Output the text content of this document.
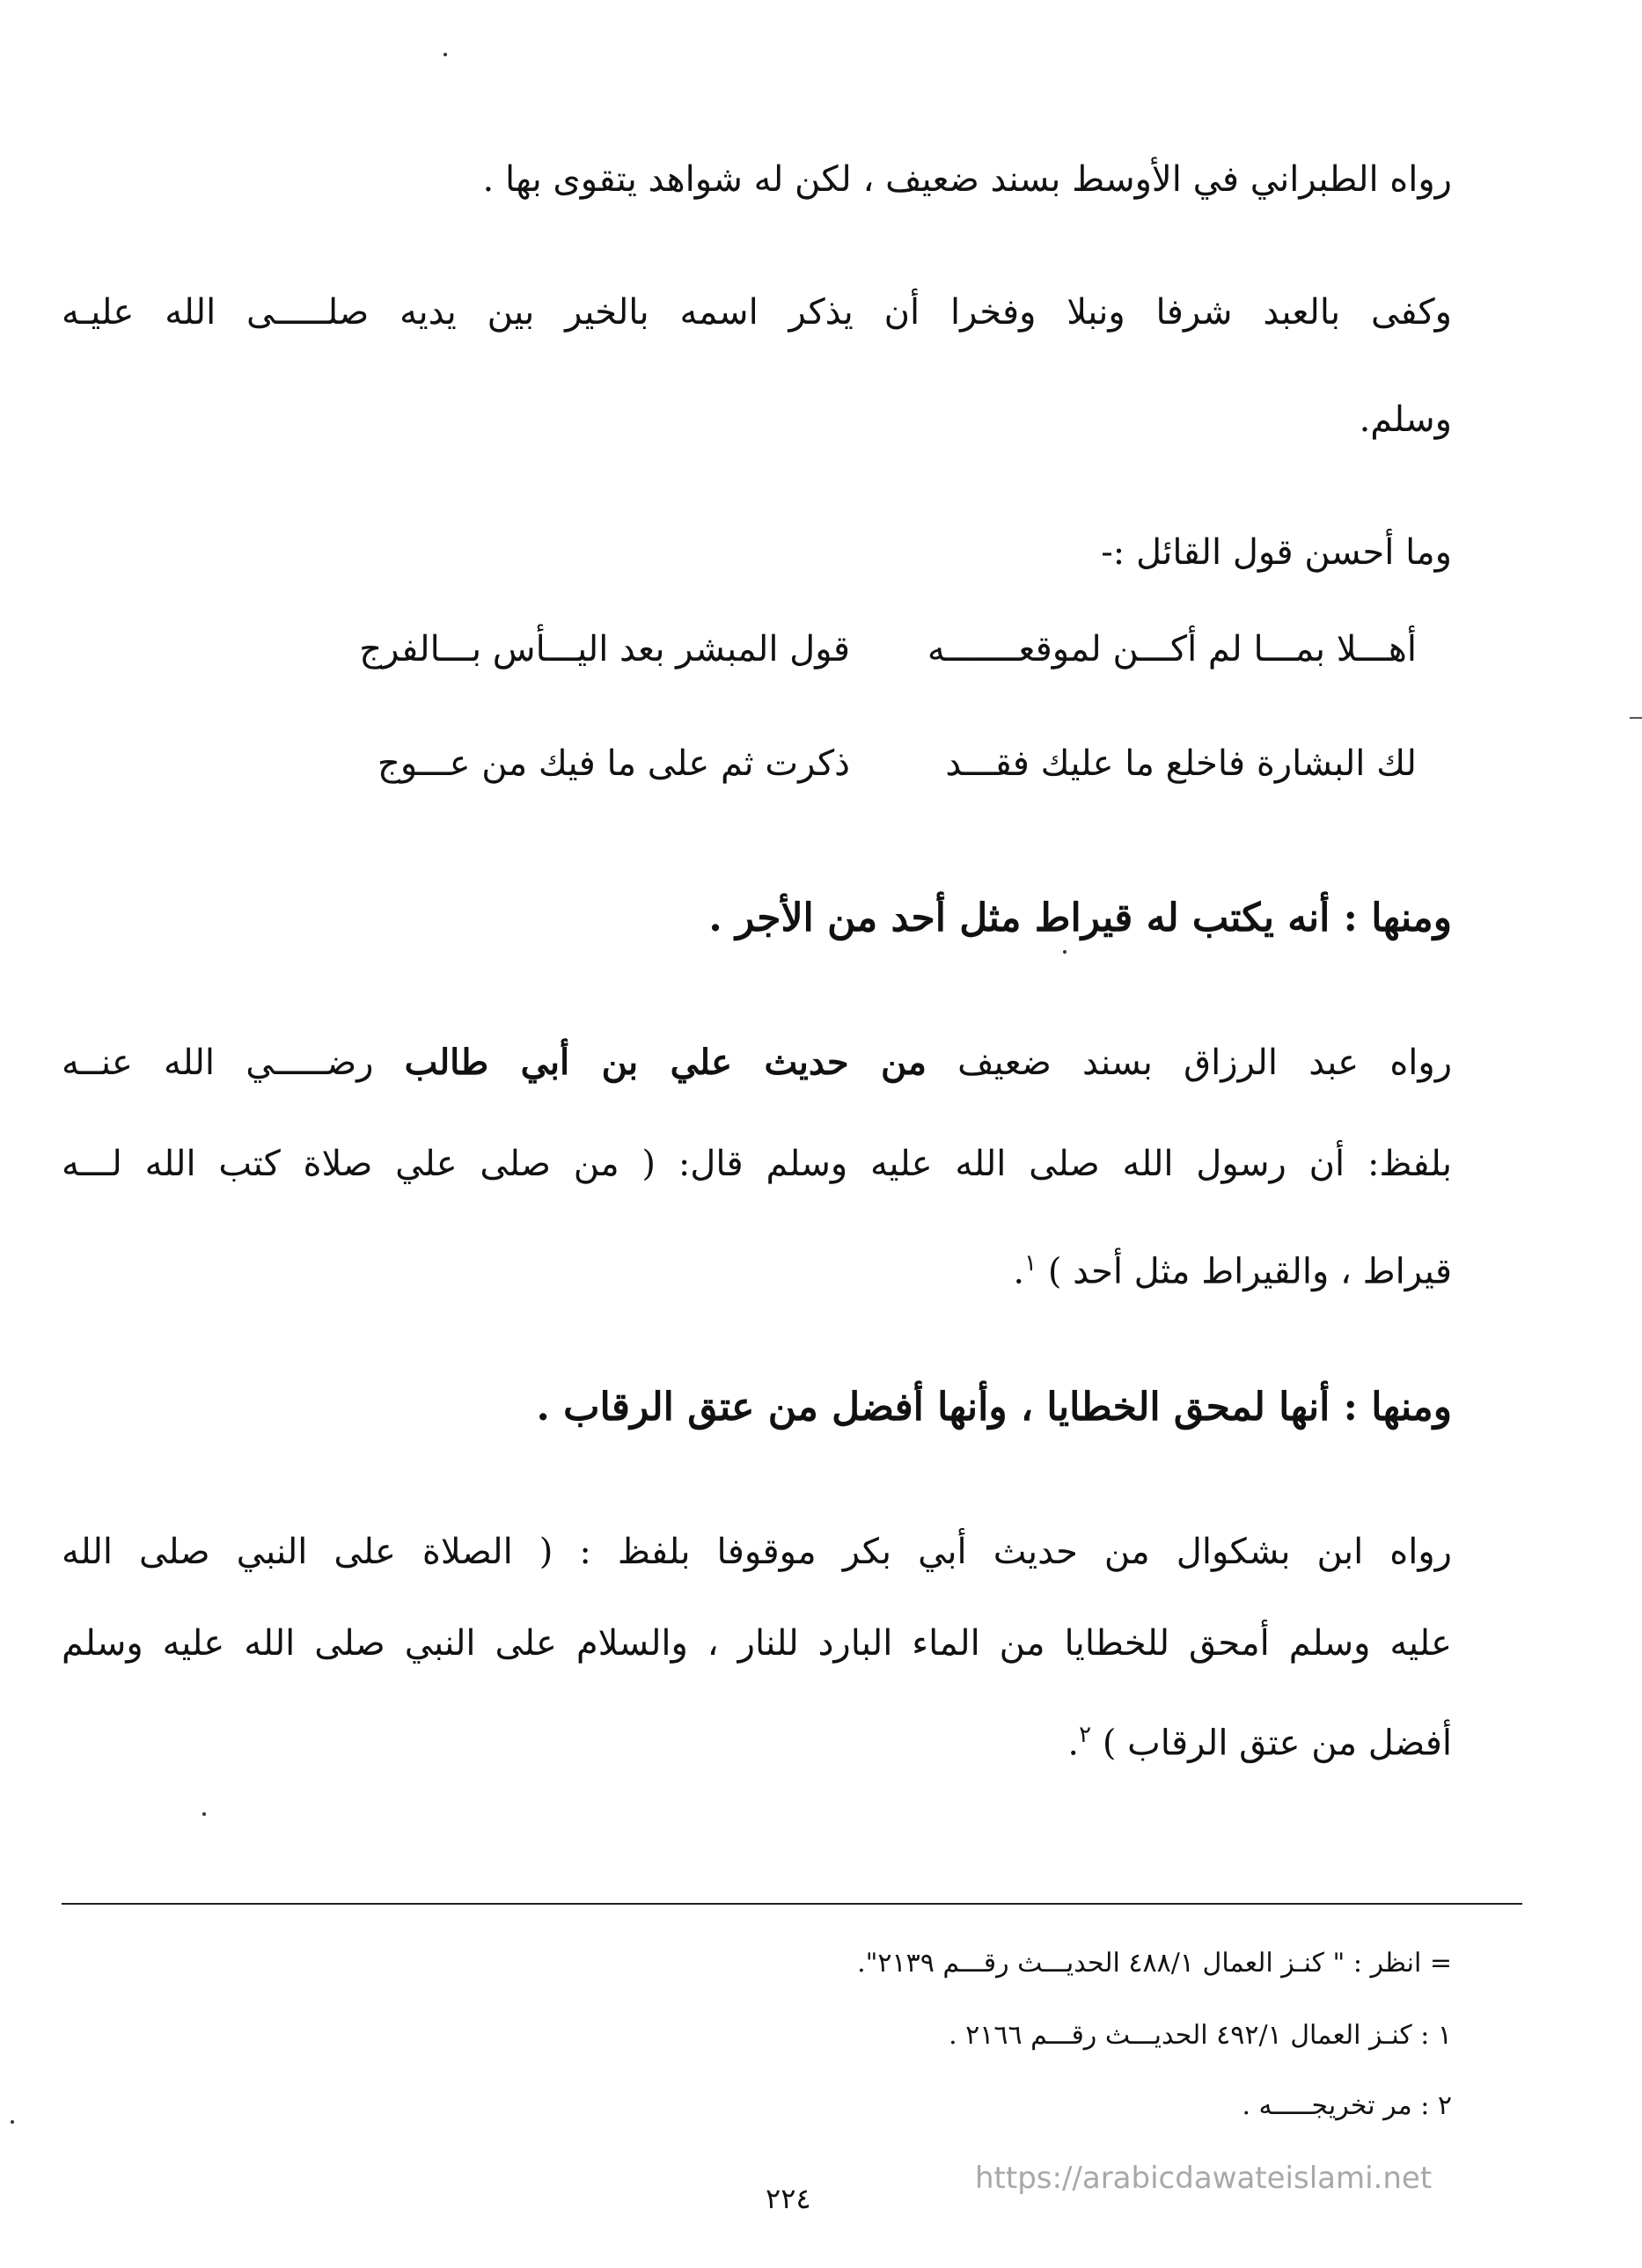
رواه الطبراني في الأوسط بسند ضعيف ، لكن له شواهد يتقوى بها .
وكفى بالعبد شرفا ونبلا وفخرا أن يذكر اسمه بالخير بين يديه صلـــــى الله عليـه
وسلم.
وما أحسن قول القائل :-
أهـــلا بمـــا لم أكـــن لموقعـــــــه
قول المبشر بعد اليـــأس بـــالفرج
لك البشارة فاخلع ما عليك فقـــد
ذكرت ثم على ما فيك من عـــوج
ومنها : أنه يكتب له قيراط مثل أحد من الأجر .
رواه عبد الرزاق بسند ضعيف من حديث علي بن أبي طالب رضـــــي الله عنــه
بلفظ: أن رسول الله صلى الله عليه وسلم قال: ( من صلى علي صلاة كتب الله لـــه
قيراط ، والقيراط مثل أحد ) $^١$.
ومنها : أنها لمحق الخطايا ، وأنها أفضل من عتق الرقاب .
رواه ابن بشكوال من حديث أبي بكر موقوفا بلفظ : ( الصلاة على النبي صلى الله
عليه وسلم أمحق للخطايا من الماء البارد للنار ، والسلام على النبي صلى الله عليه وسلم
أفضل من عتق الرقاب ) $^٢$.
= انظر : " كنـز العمال ٤٨٨/١ الحديـــث رقـــم ٢١٣٩".
١ : كنـز العمال ٤٩٢/١ الحديـــث رقـــم ٢١٦٦ .
٢ : مر تخريجـــــه .
٢٢٤
https://arabicdawateislami.net
